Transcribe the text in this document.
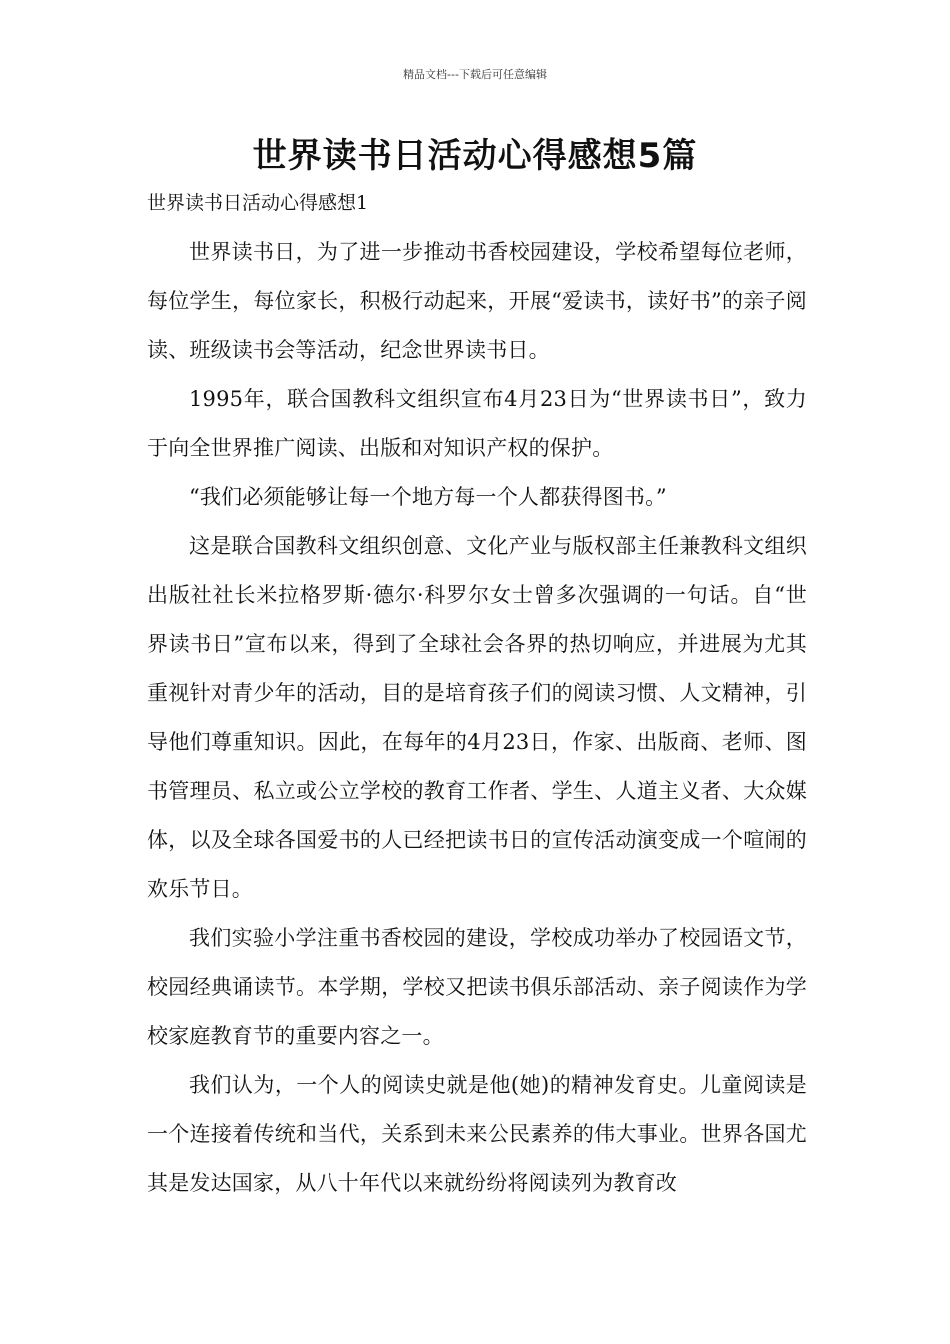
精品文档---下载后可任意编辑
世界读书日活动心得感想5篇

世界读书日活动心得感想1

世界读书日，为了进一步推动书香校园建设，学校希望每位老师，每位学生，每位家长，积极行动起来，开展“爱读书，读好书”的亲子阅读、班级读书会等活动，纪念世界读书日。

1995年，联合国教科文组织宣布4月23日为“世界读书日”，致力于向全世界推广阅读、出版和对知识产权的保护。

“我们必须能够让每一个地方每一个人都获得图书。”

这是联合国教科文组织创意、文化产业与版权部主任兼教科文组织出版社社长米拉格罗斯·德尔·科罗尔女士曾多次强调的一句话。自“世界读书日”宣布以来，得到了全球社会各界的热切响应，并进展为尤其重视针对青少年的活动，目的是培育孩子们的阅读习惯、人文精神，引导他们尊重知识。因此，在每年的4月23日，作家、出版商、老师、图书管理员、私立或公立学校的教育工作者、学生、人道主义者、大众媒体，以及全球各国爱书的人已经把读书日的宣传活动演变成一个喧闹的欢乐节日。

我们实验小学注重书香校园的建设，学校成功举办了校园语文节，校园经典诵读节。本学期，学校又把读书俱乐部活动、亲子阅读作为学校家庭教育节的重要内容之一。

我们认为，一个人的阅读史就是他(她)的精神发育史。儿童阅读是一个连接着传统和当代，关系到未来公民素养的伟大事业。世界各国尤其是发达国家，从八十年代以来就纷纷将阅读列为教育改
